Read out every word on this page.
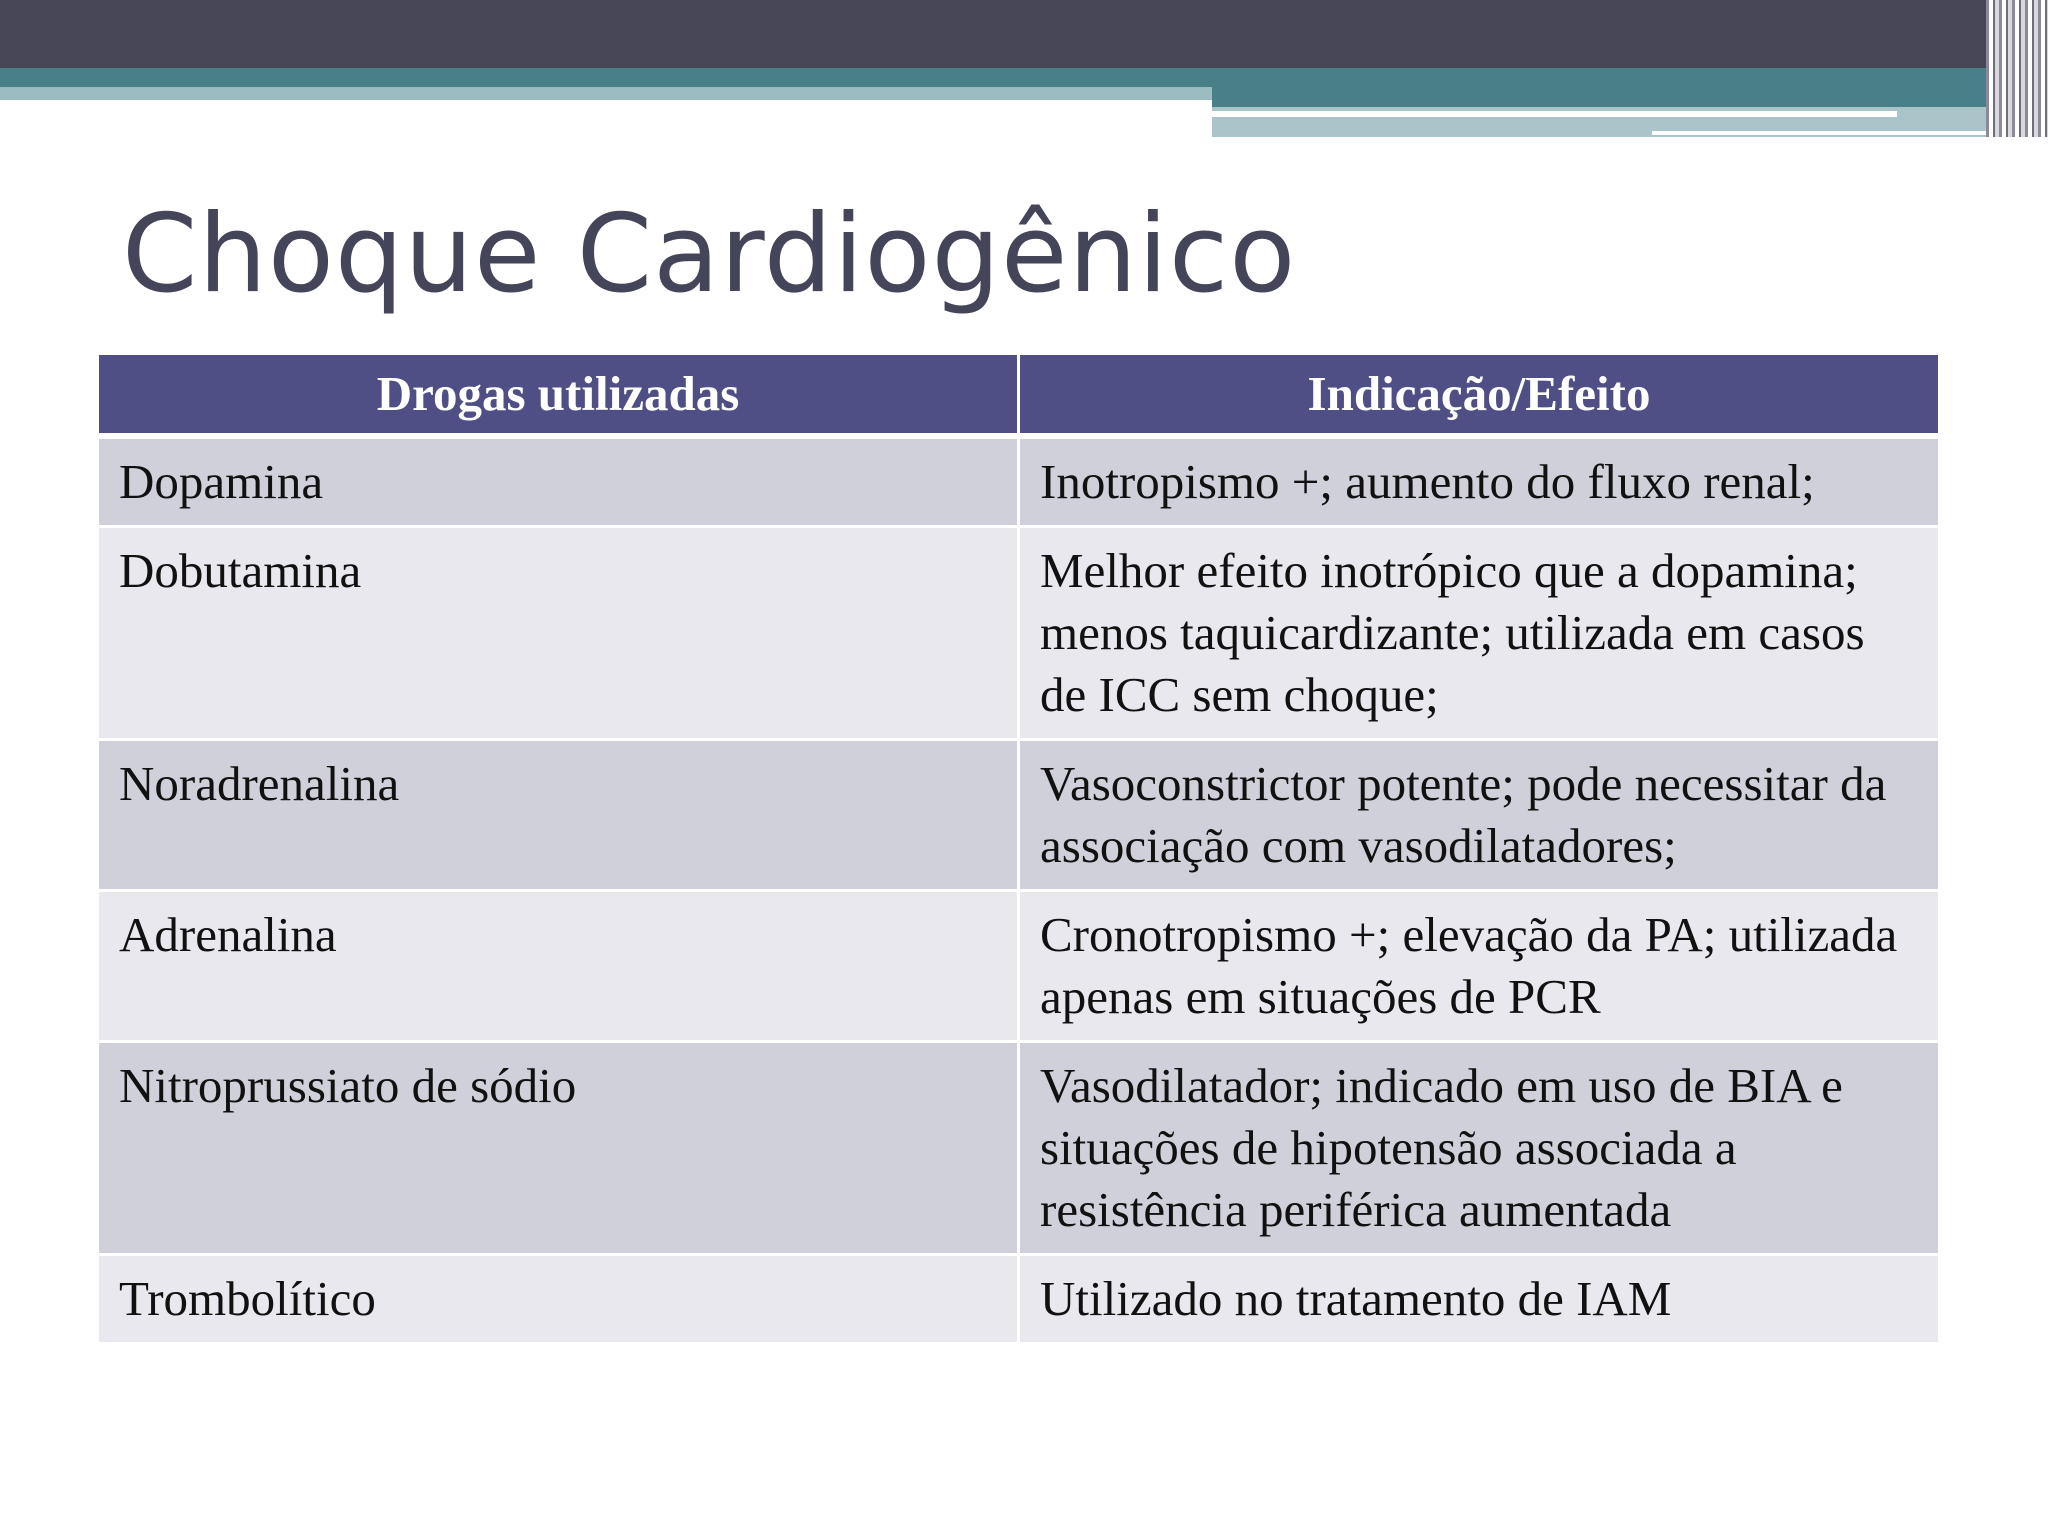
Choque Cardiogênico
Drogas utilizadas	Indicação/Efeito
Dopamina	Inotropismo +; aumento do fluxo renal;
Dobutamina	Melhor efeito inotrópico que a dopamina; menos taquicardizante; utilizada em casos de ICC sem choque;
Noradrenalina	Vasoconstrictor potente; pode necessitar da associação com vasodilatadores;
Adrenalina	Cronotropismo +; elevação da PA; utilizada apenas em situações de PCR
Nitroprussiato de sódio	Vasodilatador; indicado em uso de BIA e situações de hipotensão associada a resistência periférica aumentada
Trombolítico	Utilizado no tratamento de IAM
